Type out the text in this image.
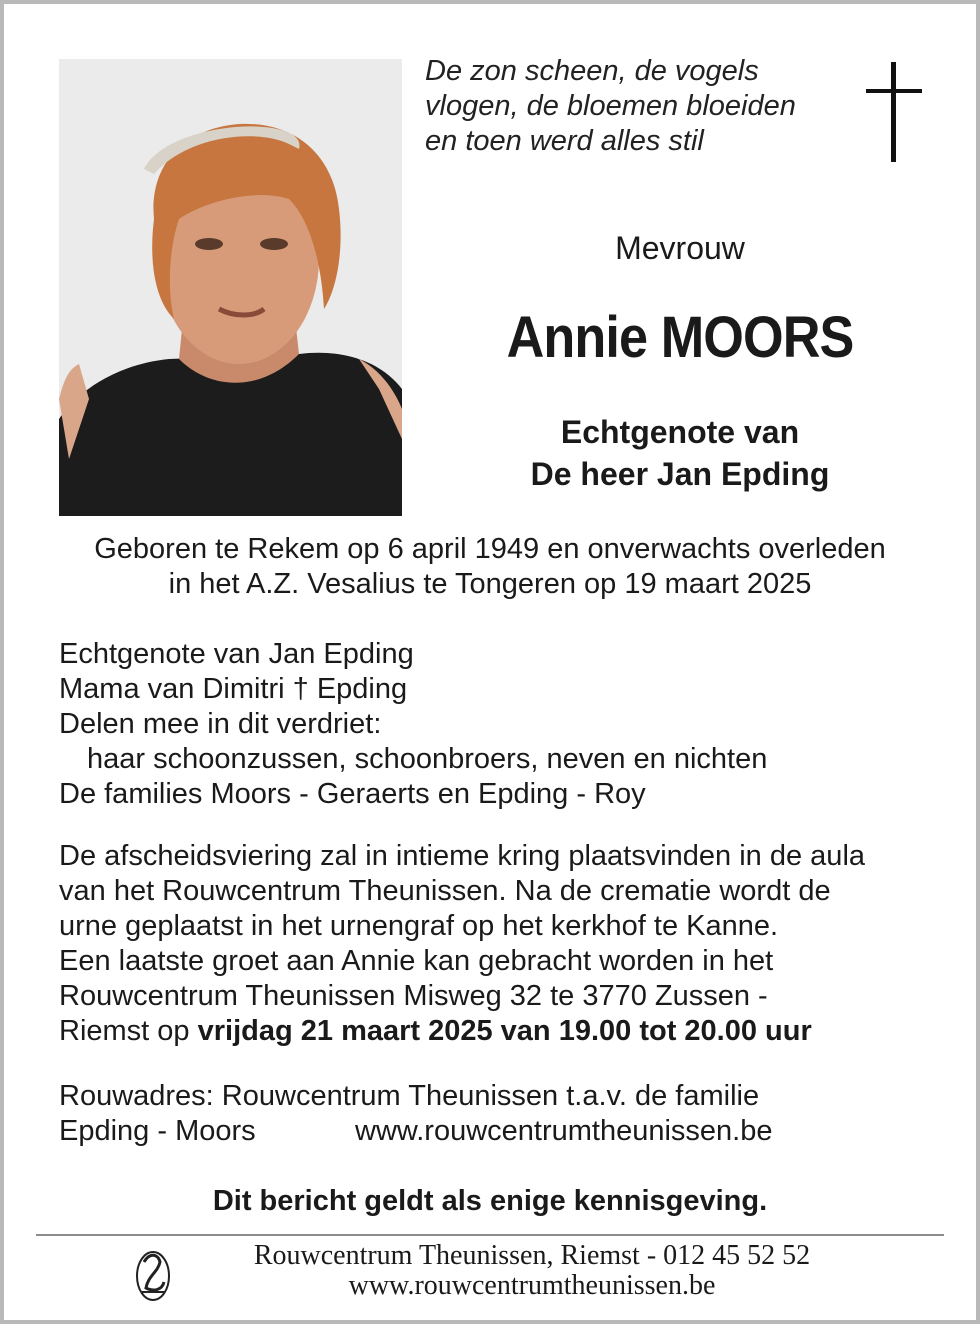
De zon scheen, de vogels
vlogen, de bloemen bloeiden
en toen werd alles stil
Mevrouw
Annie MOORS
Echtgenote van
De heer Jan Epding
Geboren te Rekem op 6 april 1949 en onverwachts overleden
in het A.Z. Vesalius te Tongeren op 19 maart 2025
Echtgenote van Jan Epding
Mama van Dimitri † Epding
Delen mee in dit verdriet:
haar schoonzussen, schoonbroers, neven en nichten
De families Moors - Geraerts en Epding - Roy
De afscheidsviering zal in intieme kring plaatsvinden in de aula
van het Rouwcentrum Theunissen. Na de crematie wordt de
urne geplaatst in het urnengraf op het kerkhof te Kanne.
Een laatste groet aan Annie kan gebracht worden in het
Rouwcentrum Theunissen Misweg 32 te 3770 Zussen -
Riemst op vrijdag 21 maart 2025 van 19.00 tot 20.00 uur
Rouwadres: Rouwcentrum Theunissen t.a.v. de familie
Epding - Moors	www.rouwcentrumtheunissen.be
Dit bericht geldt als enige kennisgeving.
Rouwcentrum Theunissen, Riemst - 012 45 52 52
www.rouwcentrumtheunissen.be
